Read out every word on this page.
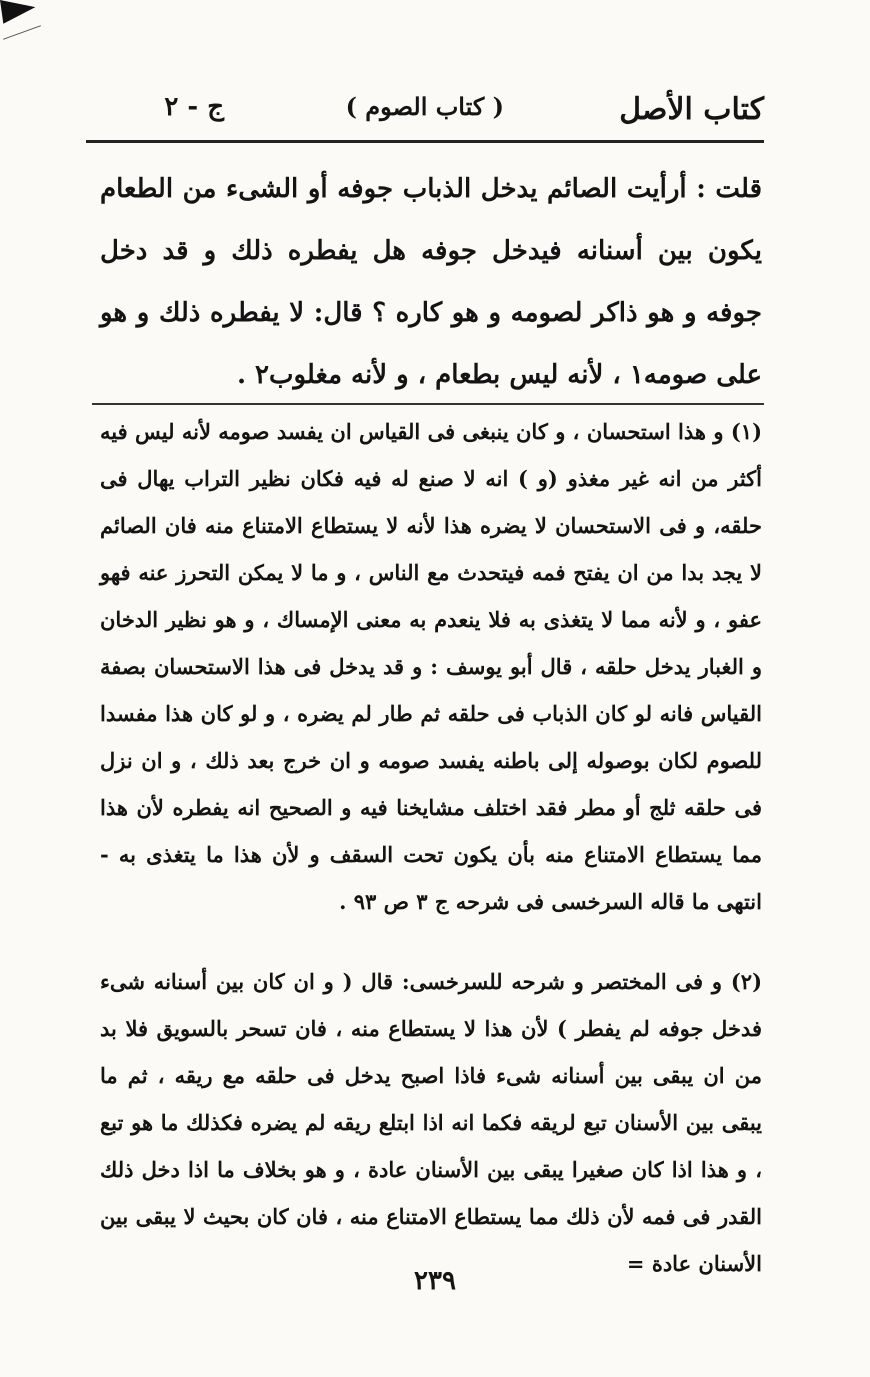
كتاب الأصل
( كتاب الصوم )
ج - ٢
قلت : أرأيت الصائم يدخل الذباب جوفه أو الشىء من الطعام يكون بين أسنانه فيدخل جوفه هل يفطره ذلك و قد دخل جوفه و هو ذاكر لصومه و هو كاره ؟ قال: لا يفطره ذلك و هو على صومه١ ، لأنه ليس بطعام ، و لأنه مغلوب٢ .
(١) و هذا استحسان ، و كان ينبغى فى القياس ان يفسد صومه لأنه ليس فيه أكثر من انه غير مغذو (و ) انه لا صنع له فيه فكان نظير التراب يهال فى حلقه، و فى الاستحسان لا يضره هذا لأنه لا يستطاع الامتناع منه فان الصائم لا يجد بدا من ان يفتح فمه فيتحدث مع الناس ، و ما لا يمكن التحرز عنه فهو عفو ، و لأنه مما لا يتغذى به فلا ينعدم به معنى الإمساك ، و هو نظير الدخان و الغبار يدخل حلقه ، قال أبو يوسف : و قد يدخل فى هذا الاستحسان بصفة القياس فانه لو كان الذباب فى حلقه ثم طار لم يضره ، و لو كان هذا مفسدا للصوم لكان بوصوله إلى باطنه يفسد صومه و ان خرج بعد ذلك ، و ان نزل فى حلقه ثلج أو مطر فقد اختلف مشايخنا فيه و الصحيح انه يفطره لأن هذا مما يستطاع الامتناع منه بأن يكون تحت السقف و لأن هذا ما يتغذى به - انتهى ما قاله السرخسى فى شرحه ج ٣ ص ٩٣ .
(٢) و فى المختصر و شرحه للسرخسى: قال ( و ان كان بين أسنانه شىء فدخل جوفه لم يفطر ) لأن هذا لا يستطاع منه ، فان تسحر بالسويق فلا بد من ان يبقى بين أسنانه شىء فاذا اصبح يدخل فى حلقه مع ريقه ، ثم ما يبقى بين الأسنان تبع لريقه فكما انه اذا ابتلع ريقه لم يضره فكذلك ما هو تبع ، و هذا اذا كان صغيرا يبقى بين الأسنان عادة ، و هو بخلاف ما اذا دخل ذلك القدر فى فمه لأن ذلك مما يستطاع الامتناع منه ، فان كان بحيث لا يبقى بين الأسنان عادة =
٢٣٩
